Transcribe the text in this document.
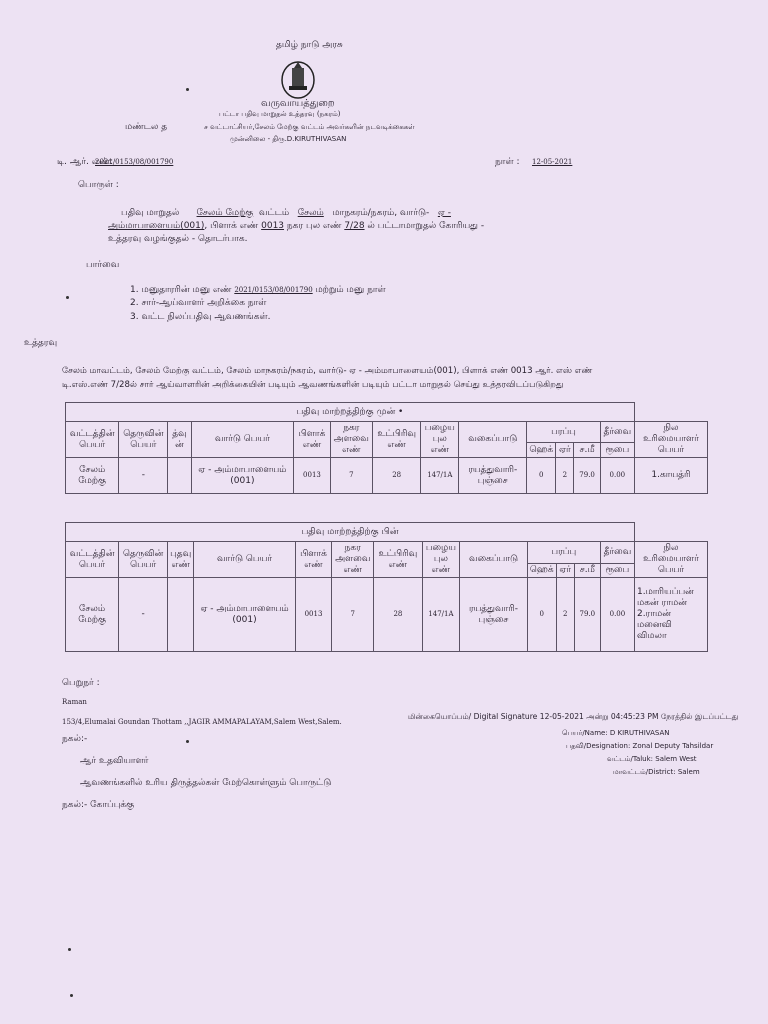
தமிழ் நாடு அரசு
வருவாயத்துறை
பட்டா பதிவு மாறுதல் உத்தரவு (நகரம்)
மண்டல த	ச வட்டாட்சியர்,சேலம் மேற்கு வட்டம் அவர்களின் நடவடிக்கைகள்
முன்னிலை - திரு.D.KIRUTHIVASAN
டி. ஆர். எண்:
2021/0153/08/001790	நாள் : 12-05-2021
பொருள் :
பதிவு மாறுதல் சேலம் மேற்கு வட்டம் சேலம் மாநகரம்/நகரம், வார்டு- ஏ -
அம்மாபாளையம்(001), பிளாக் எண் 0013 நகர புல எண் 7/28 ல் பட்டாமாறுதல் கோரியது -
உத்தரவு வழங்குதல் - தொடர்பாக.
பார்வை
1. மனுதாரரின் மனு எண் 2021/0153/08/001790 மற்றும் மனு நாள்
2. சார்-ஆய்வாளர் அறிக்கை நாள்
3. வட்ட நிலப்பதிவு ஆவணங்கள்.
உத்தரவு
சேலம் மாவட்டம், சேலம் மேற்கு வட்டம், சேலம் மாநகரம்/நகரம், வார்டு- ஏ - அம்மாபாளையம்(001), பிளாக் எண் 0013 ஆர். எஸ் எண்
டி.எஸ்.எண் 7/28ல் சார் ஆய்வாளரின் அறிக்கையின் படியும் ஆவணங்களின் படியும் பட்டா மாறுதல் செய்து உத்தரவிடப்படுகிறது
பதிவு மாற்றத்திற்கு முன் •													
வட்டத்தின் பெயர்	தெருவின் பெயர்	த்வு ன்	வார்டு பெயர்	பிளாக் எண்	நகர அளவை எண்	உட்பிரிவு எண்	பழைய புல எண்	வகைப்பாடு	பரப்பு			தீர்வை	நில உரிமையாளர் பெயர்
									ஹெக்	ஏர்	ச.மீ	ரூபை	
சேலம் மேற்கு	-		ஏ - அம்மாபாளையம் (001)	0013	7	28	147/1A	ரயத்துவாரி- புஞ்சை	0	2	79.0	0.00	1.காயத்ரி
பதிவு மாற்றத்திற்கு பின்													
வட்டத்தின் பெயர்	தெருவின் பெயர்	புதவு எண்	வார்டு பெயர்	பிளாக் எண்	நகர அளவை எண்	உட்பிரிவு எண்	பழைய புல எண்	வகைப்பாடு	பரப்பு			தீர்வை	நில உரிமையாளர் பெயர்
									ஹெக்	ஏர்	ச.மீ	ரூபை	
சேலம் மேற்கு	-		ஏ - அம்மாபாளையம் (001)	0013	7	28	147/1A	ரயத்துவாரி- புஞ்சை	0	2	79.0	0.00	1.மாரியப்பன்
மகன் ராமன்
2.ராமன்
மனைவி
விமலா
பெறுநர் :
Raman
153/4,Elumalai Goundan Thottam ,,JAGIR AMMAPALAYAM,Salem West,Salem.
மின்கையொப்பம்/ Digital Signature 12-05-2021 அன்று 04:45:23 PM நேரத்தில் இடப்பட்டது
பெயர்/Name: D KIRUTHIVASAN
பதவி/Designation: Zonal Deputy Tahsildar
வட்டம்/Taluk: Salem West
மாவட்டம்/District: Salem
நகல்:-
ஆர் உதவியாளர்
ஆவணங்களில் உரிய திருத்தல்கள் மேற்கொள்ளும் பொருட்டு
நகல்:- கோப்புக்கு
